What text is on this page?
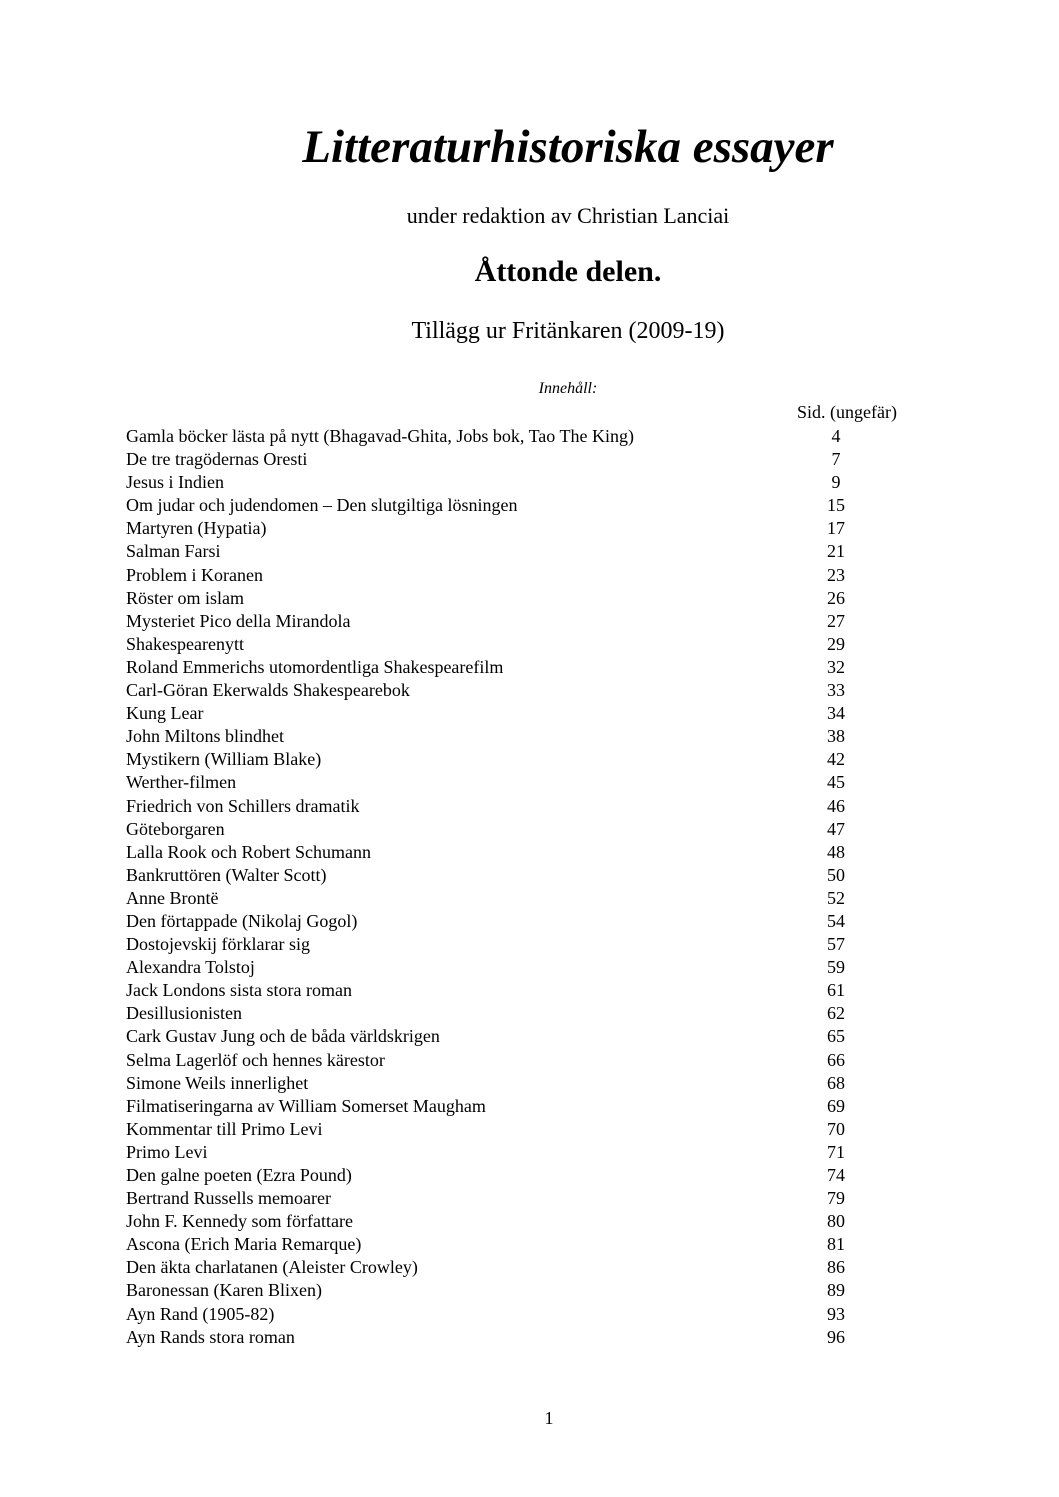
Litteraturhistoriska essayer
under redaktion av Christian Lanciai
Åttonde delen.
Tillägg ur Fritänkaren (2009-19)
Innehåll:
Sid. (ungefär)
Gamla böcker lästa på nytt (Bhagavad-Ghita, Jobs bok, Tao The King)	4
De tre tragödernas Oresti	7
Jesus i Indien	9
Om judar och judendomen – Den slutgiltiga lösningen	15
Martyren (Hypatia)	17
Salman Farsi	21
Problem i Koranen	23
Röster om islam	26
Mysteriet Pico della Mirandola	27
Shakespearenytt	29
Roland Emmerichs utomordentliga Shakespearefilm	32
Carl-Göran Ekerwalds Shakespearebok	33
Kung Lear	34
John Miltons blindhet	38
Mystikern (William Blake)	42
Werther-filmen	45
Friedrich von Schillers dramatik	46
Göteborgaren	47
Lalla Rook och Robert Schumann	48
Bankruttören (Walter Scott)	50
Anne Brontë	52
Den förtappade (Nikolaj Gogol)	54
Dostojevskij förklarar sig	57
Alexandra Tolstoj	59
Jack Londons sista stora roman	61
Desillusionisten	62
Cark Gustav Jung och de båda världskrigen	65
Selma Lagerlöf och hennes kärestor	66
Simone Weils innerlighet	68
Filmatiseringarna av William Somerset Maugham	69
Kommentar till Primo Levi	70
Primo Levi	71
Den galne poeten (Ezra Pound)	74
Bertrand Russells memoarer	79
John F. Kennedy som författare	80
Ascona (Erich Maria Remarque)	81
Den äkta charlatanen (Aleister Crowley)	86
Baronessan (Karen Blixen)	89
Ayn Rand (1905-82)	93
Ayn Rands stora roman	96
1
